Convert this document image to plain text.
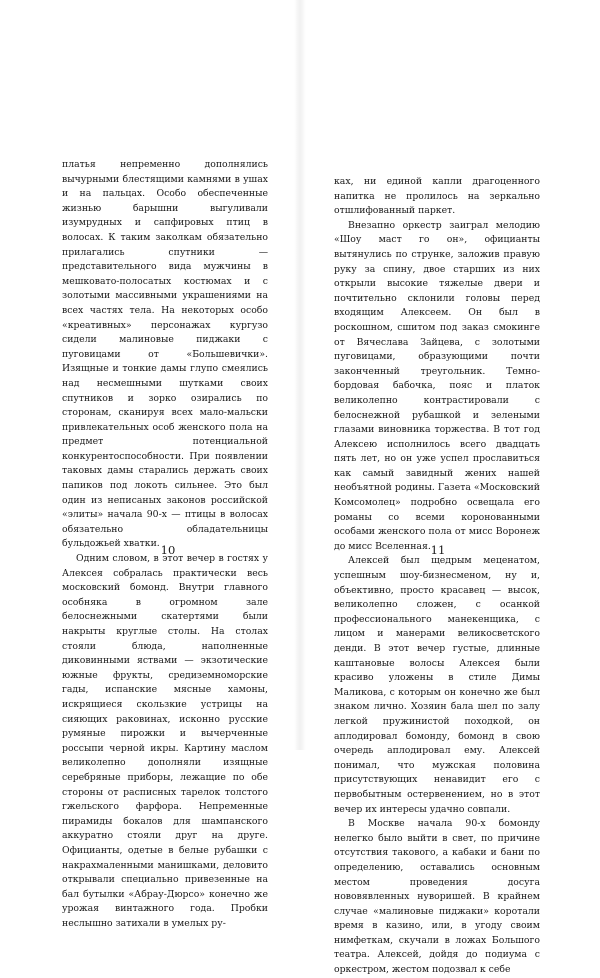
платья непременно дополнялись вычурными блестящими камнями в ушах и на пальцах. Особо обеспеченные жизнью барышни выгуливали изумрудных и сапфировых птиц в волосах. К таким заколкам обязательно прилагались спутники — представительного вида мужчины в мешковато-полосатых костюмах и с золотыми массивными украшениями на всех частях тела. На некоторых особо «креативных» персонажах кургузо сидели малиновые пиджаки с пуговицами от «Большевички». Изящные и тонкие дамы глупо смеялись над несмешными шутками своих спутников и зорко озирались по сторонам, сканируя всех мало-мальски привлекательных особ женского пола на предмет потенциальной конкурентоспособности. При появлении таковых дамы старались держать своих папиков под локоть сильнее. Это был один из неписаных законов российской «элиты» начала 90-х — птицы в волосах обязательно обладательницы бульдожьей хватки.

Одним словом, в этот вечер в гостях у Алексея собралась практически весь московский бомонд. Внутри главного особняка в огромном зале белоснежными скатертями были накрыты круглые столы. На столах стояли блюда, наполненные диковинными яствами — экзотические южные фрукты, средиземноморские гады, испанские мясные хамоны, искрящиеся скользкие устрицы на сияющих раковинах, исконно русские румяные пирожки и вычерченные россыпи черной икры. Картину маслом великолепно дополняли изящные серебряные приборы, лежащие по обе стороны от расписных тарелок толстого гжельского фарфора. Непременные пирамиды бокалов для шампанского аккуратно стояли друг на друге. Официанты, одетые в белые рубашки с накрахмаленными манишками, деловито открывали специально привезенные на бал бутылки «Абрау-Дюрсо» конечно же урожая винтажного года. Пробки неслышно затихали в умелых ру-

10

ках, ни единой капли драгоценного напитка не пролилось на зеркально отшлифованный паркет.

Внезапно оркестр заиграл мелодию «Шоу маст го он», официанты вытянулись по струнке, заложив правую руку за спину, двое старших из них открыли высокие тяжелые двери и почтительно склонили головы перед входящим Алексеем. Он был в роскошном, сшитом под заказ смокинге от Вячеслава Зайцева, с золотыми пуговицами, образующими почти законченный треугольник. Темно-бордовая бабочка, пояс и платок великолепно контрастировали с белоснежной рубашкой и зелеными глазами виновника торжества. В тот год Алексею исполнилось всего двадцать пять лет, но он уже успел прославиться как самый завидный жених нашей необъятной родины. Газета «Московский Комсомолец» подробно освещала его романы со всеми коронованными особами женского пола от мисс Воронеж до мисс Вселенная.

Алексей был щедрым меценатом, успешным шоу-бизнесменом, ну и, объективно, просто красавец — высок, великолепно сложен, с осанкой профессионального манекенщика, с лицом и манерами великосветского денди. В этот вечер густые, длинные каштановые волосы Алексея были красиво уложены в стиле Димы Маликова, с которым он конечно же был знаком лично. Хозяин бала шел по залу легкой пружинистой походкой, он аплодировал бомонду, бомонд в свою очередь аплодировал ему. Алексей понимал, что мужская половина присутствующих ненавидит его с первобытным остервенением, но в этот вечер их интересы удачно совпали.

В Москве начала 90-х бомонду нелегко было выйти в свет, по причине отсутствия такового, а кабаки и бани по определению, оставались основным местом проведения досуга нововявленных нуворишей. В крайнем случае «малиновые пиджаки» коротали время в казино, или, в угоду своим нимфеткам, скучали в ложах Большого театра. Алексей, дойдя до подиума с оркестром, жестом подозвал к себе

11
